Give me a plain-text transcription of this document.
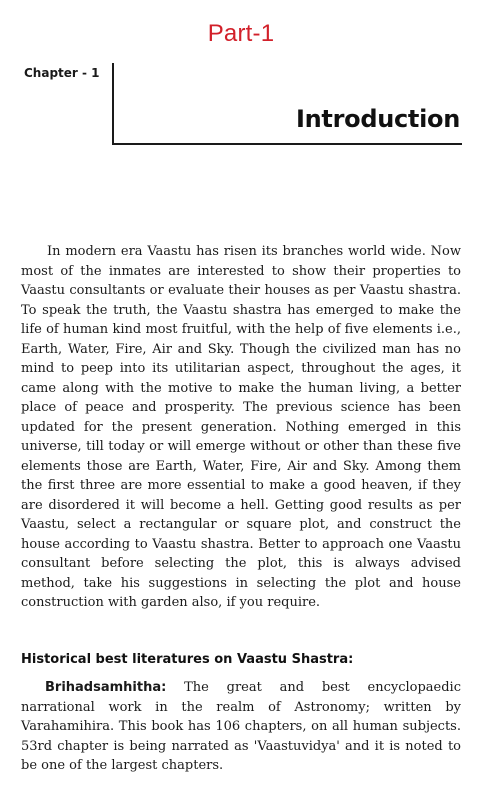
Part-1
Chapter - 1
Introduction

In modern era Vaastu has risen its branches world wide. Now most of the inmates are interested to show their properties to Vaastu consultants or evaluate their houses as per Vaastu shastra. To speak the truth, the Vaastu shastra has emerged to make the life of human kind most fruitful, with the help of five elements i.e., Earth, Water, Fire, Air and Sky. Though the civilized man has no mind to peep into its utilitarian aspect, throughout the ages, it came along with the motive to make the human living, a better place of peace and prosperity. The previous science has been updated for the present generation. Nothing emerged in this universe, till today or will emerge without or other than these five elements those are Earth, Water, Fire, Air and Sky. Among them the first three are more essential to make a good heaven, if they are disordered it will become a hell. Getting good results as per Vaastu, select a rectangular or square plot, and construct the house according to Vaastu shastra. Better to approach one Vaastu consultant before selecting the plot, this is always advised method, take his suggestions in selecting the plot and house construction with garden also, if you require.

Historical best literatures on Vaastu Shastra:

Brihadsamhitha: The great and best encyclopaedic narrational work in the realm of Astronomy; written by Varahamihira. This book has 106 chapters, on all human subjects. 53rd chapter is being narrated as 'Vaastuvidya' and it is noted to be one of the largest chapters.
